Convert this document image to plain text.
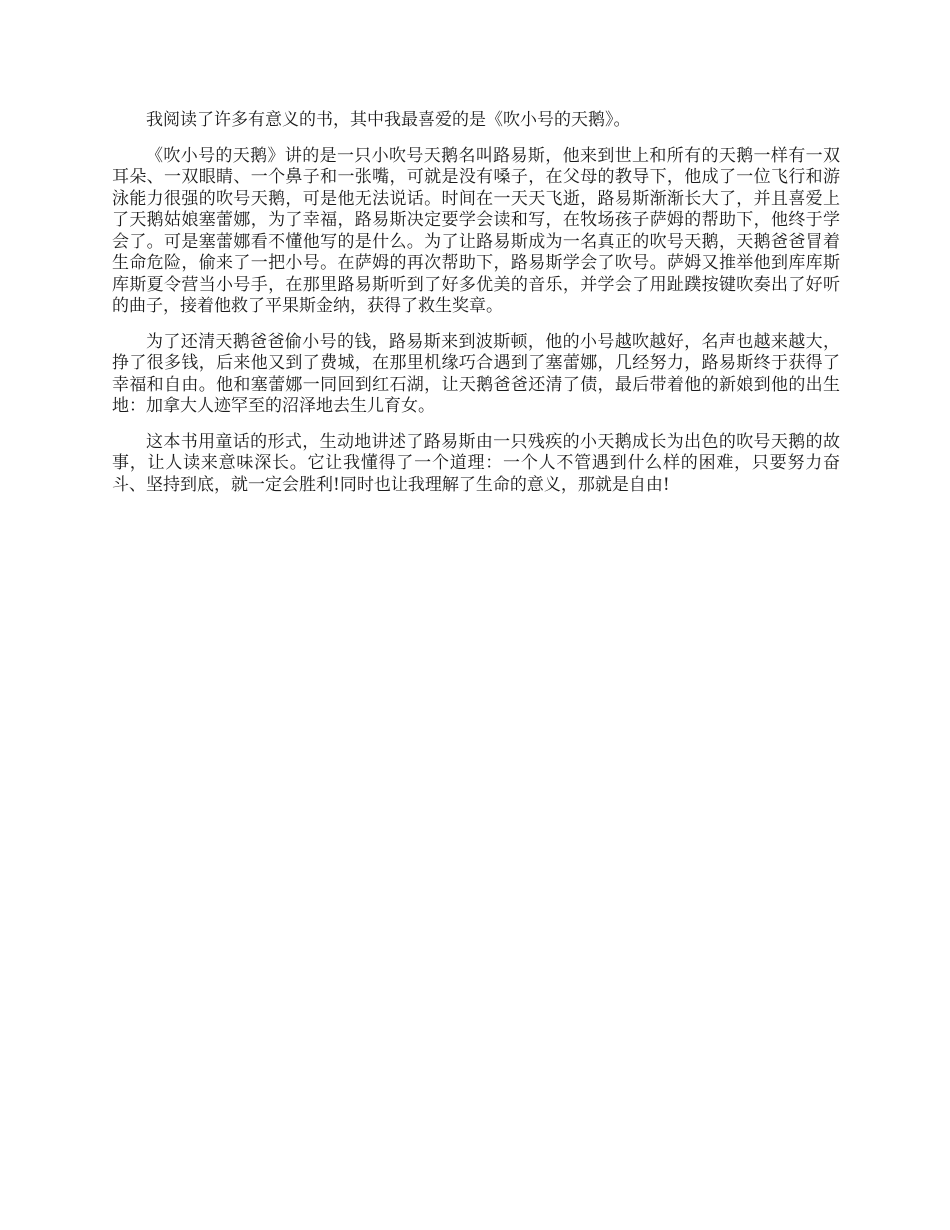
我阅读了许多有意义的书，其中我最喜爱的是《吹小号的天鹅》。

《吹小号的天鹅》讲的是一只小吹号天鹅名叫路易斯，他来到世上和所有的天鹅一样有一双耳朵、一双眼睛、一个鼻子和一张嘴，可就是没有嗓子，在父母的教导下，他成了一位飞行和游泳能力很强的吹号天鹅，可是他无法说话。时间在一天天飞逝，路易斯渐渐长大了，并且喜爱上了天鹅姑娘塞蕾娜，为了幸福，路易斯决定要学会读和写，在牧场孩子萨姆的帮助下，他终于学会了。可是塞蕾娜看不懂他写的是什么。为了让路易斯成为一名真正的吹号天鹅，天鹅爸爸冒着生命危险，偷来了一把小号。在萨姆的再次帮助下，路易斯学会了吹号。萨姆又推举他到库库斯库斯夏令营当小号手，在那里路易斯听到了好多优美的音乐，并学会了用趾蹼按键吹奏出了好听的曲子，接着他救了平果斯金纳，获得了救生奖章。

为了还清天鹅爸爸偷小号的钱，路易斯来到波斯顿，他的小号越吹越好，名声也越来越大，挣了很多钱，后来他又到了费城，在那里机缘巧合遇到了塞蕾娜，几经努力，路易斯终于获得了幸福和自由。他和塞蕾娜一同回到红石湖，让天鹅爸爸还清了债，最后带着他的新娘到他的出生地：加拿大人迹罕至的沼泽地去生儿育女。

这本书用童话的形式，生动地讲述了路易斯由一只残疾的小天鹅成长为出色的吹号天鹅的故事，让人读来意味深长。它让我懂得了一个道理：一个人不管遇到什么样的困难，只要努力奋斗、坚持到底，就一定会胜利!同时也让我理解了生命的意义，那就是自由!
